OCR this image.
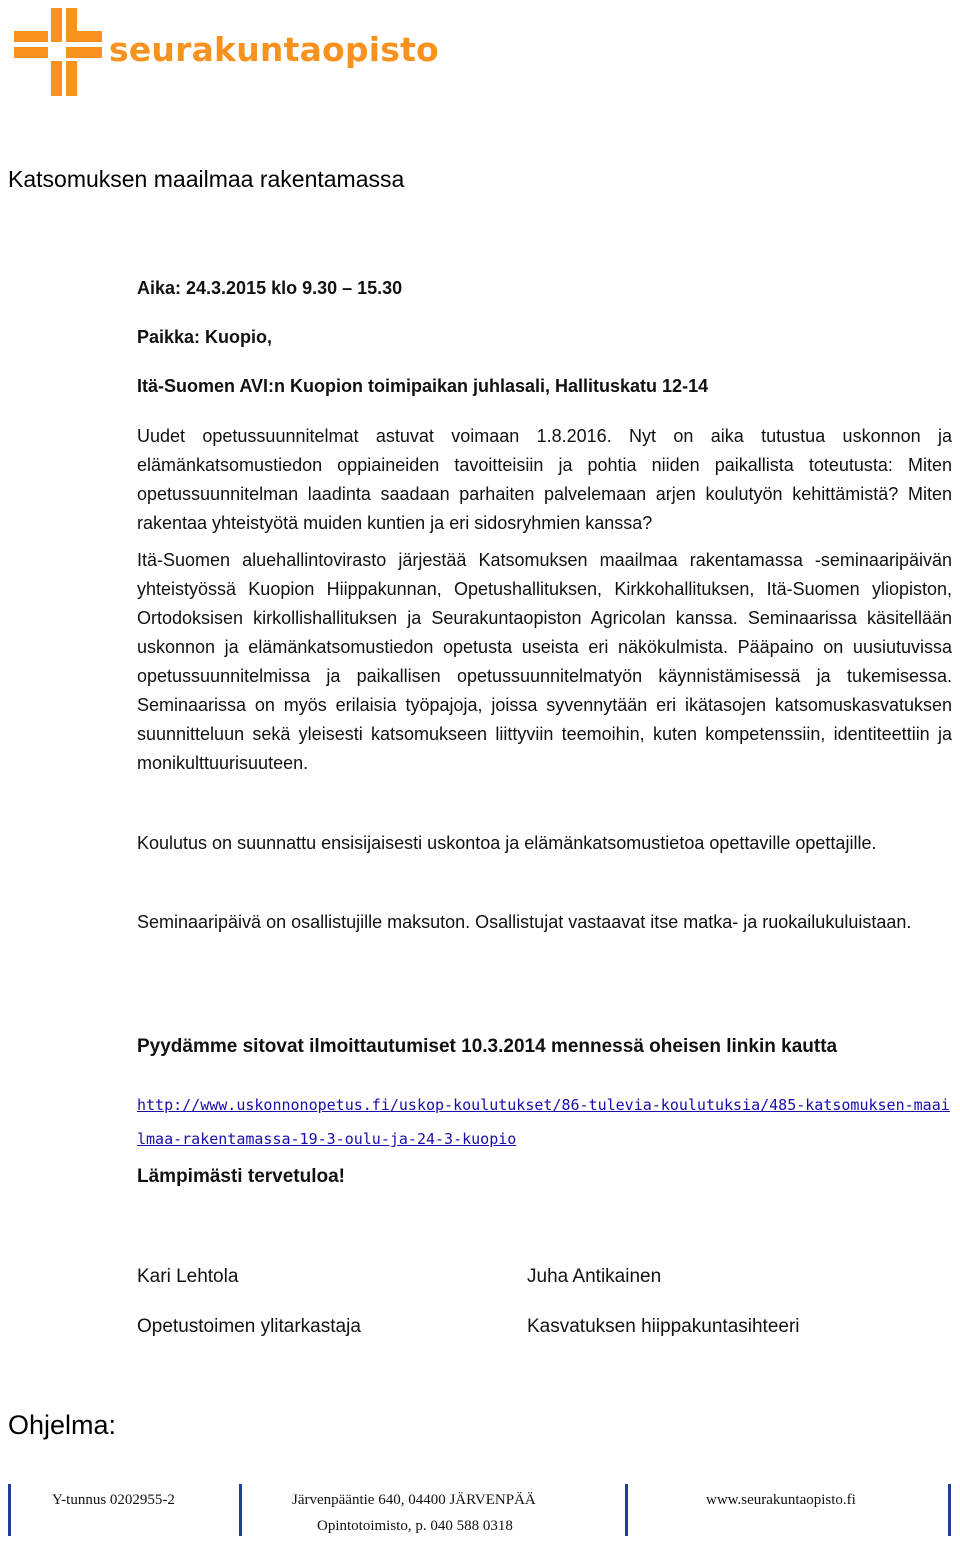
seurakuntaopisto
Katsomuksen maailmaa rakentamassa
Aika: 24.3.2015 klo 9.30 – 15.30
Paikka: Kuopio,
Itä-Suomen AVI:n Kuopion toimipaikan juhlasali, Hallituskatu 12-14

Uudet opetussuunnitelmat astuvat voimaan 1.8.2016. Nyt on aika tutustua uskonnon ja elämänkatsomustiedon oppiaineiden tavoitteisiin ja pohtia niiden paikallista toteutusta: Miten opetussuunnitelman laadinta saadaan parhaiten palvelemaan arjen koulutyön kehittämistä? Miten rakentaa yhteistyötä muiden kuntien ja eri sidosryhmien kanssa?

Itä-Suomen aluehallintovirasto järjestää Katsomuksen maailmaa rakentamassa -seminaaripäivän yhteistyössä Kuopion Hiippakunnan, Opetushallituksen, Kirkkohallituksen, Itä-Suomen yliopiston, Ortodoksisen kirkollishallituksen ja Seurakuntaopiston Agricolan kanssa. Seminaarissa käsitellään uskonnon ja elämänkatsomustiedon opetusta useista eri näkökulmista. Pääpaino on uusiutuvissa opetussuunnitelmissa ja paikallisen opetussuunnitelmatyön käynnistämisessä ja tukemisessa. Seminaarissa on myös erilaisia työpajoja, joissa syvennytään eri ikätasojen katsomuskasvatuksen suunnitteluun sekä yleisesti katsomukseen liittyviin teemoihin, kuten kompetenssiin, identiteettiin ja monikulttuurisuuteen.

Koulutus on suunnattu ensisijaisesti uskontoa ja elämänkatsomustietoa opettaville opettajille.

Seminaaripäivä on osallistujille maksuton. Osallistujat vastaavat itse matka- ja ruokailukuluistaan.

Pyydämme sitovat ilmoittautumiset 10.3.2014 mennessä oheisen linkin kautta
http://www.uskonnonopetus.fi/uskop-koulutukset/86-tulevia-koulutuksia/485-katsomuksen-maailmaa-rakentamassa-19-3-oulu-ja-24-3-kuopio
Lämpimästi tervetuloa!
Kari Lehtola
Opetustoimen ylitarkastaja
Juha Antikainen
Kasvatuksen hiippakuntasihteeri
Ohjelma:
Y-tunnus 0202955-2	Järvenpääntie 640, 04400 JÄRVENPÄÄ
Opintotoimisto, p. 040 588 0318
www.seurakuntaopisto.fi
